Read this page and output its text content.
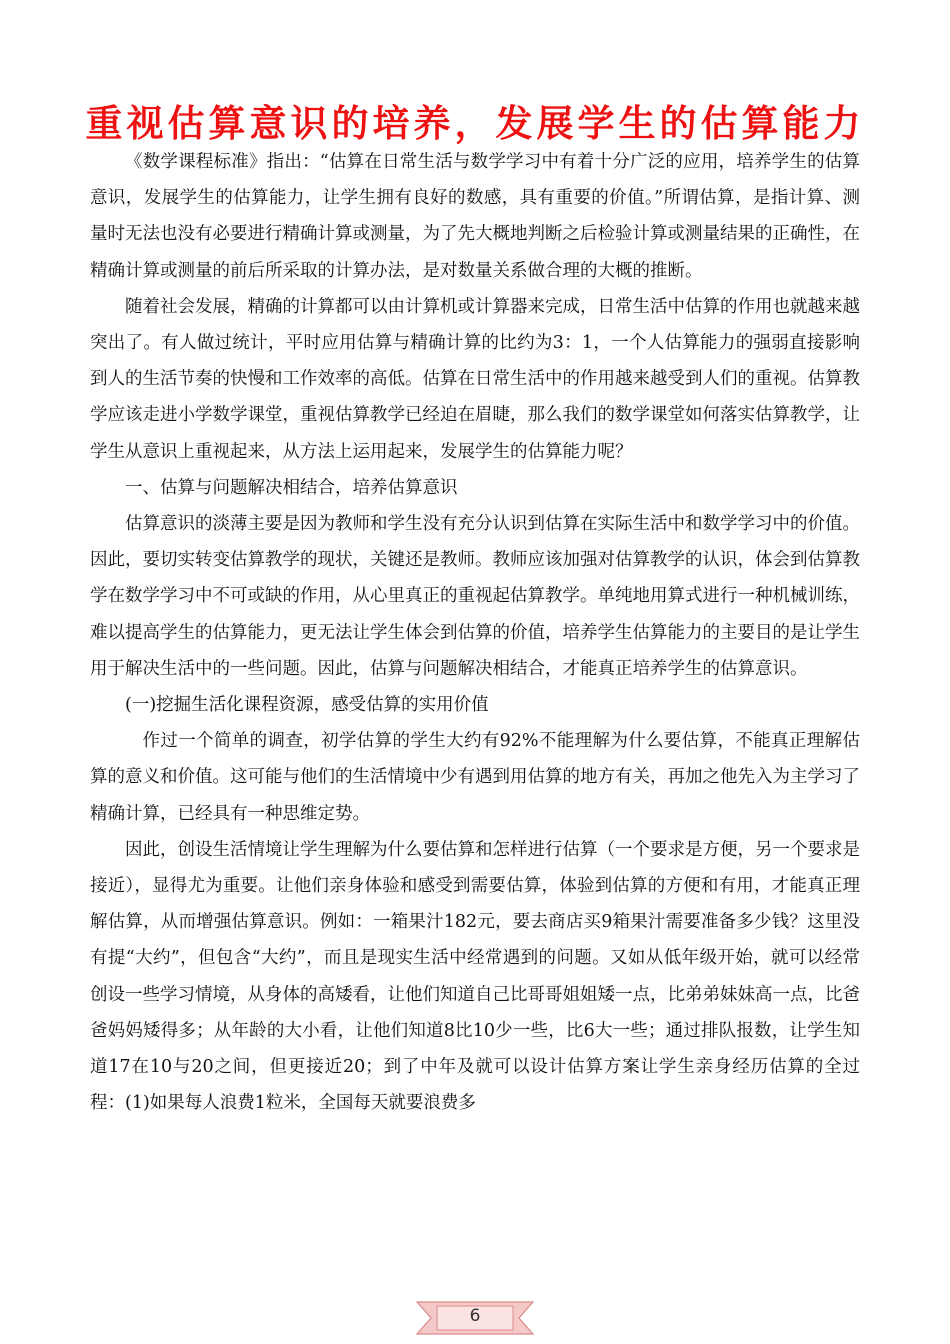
重视估算意识的培养，发展学生的估算能力

《数学课程标准》指出：“估算在日常生活与数学学习中有着十分广泛的应用，培养学生的估算意识，发展学生的估算能力，让学生拥有良好的数感，具有重要的价值。”所谓估算，是指计算、测量时无法也没有必要进行精确计算或测量，为了先大概地判断之后检验计算或测量结果的正确性，在精确计算或测量的前后所采取的计算办法，是对数量关系做合理的大概的推断。

随着社会发展，精确的计算都可以由计算机或计算器来完成，日常生活中估算的作用也就越来越突出了。有人做过统计，平时应用估算与精确计算的比约为3：1，一个人估算能力的强弱直接影响到人的生活节奏的快慢和工作效率的高低。估算在日常生活中的作用越来越受到人们的重视。估算教学应该走进小学数学课堂，重视估算教学已经迫在眉睫，那么我们的数学课堂如何落实估算教学，让学生从意识上重视起来，从方法上运用起来，发展学生的估算能力呢？

一、估算与问题解决相结合，培养估算意识

估算意识的淡薄主要是因为教师和学生没有充分认识到估算在实际生活中和数学学习中的价值。因此，要切实转变估算教学的现状，关键还是教师。教师应该加强对估算教学的认识，体会到估算教学在数学学习中不可或缺的作用，从心里真正的重视起估算教学。单纯地用算式进行一种机械训练，难以提高学生的估算能力，更无法让学生体会到估算的价值，培养学生估算能力的主要目的是让学生用于解决生活中的一些问题。因此，估算与问题解决相结合，才能真正培养学生的估算意识。

(一)挖掘生活化课程资源，感受估算的实用价值

作过一个简单的调查，初学估算的学生大约有92%不能理解为什么要估算，不能真正理解估算的意义和价值。这可能与他们的生活情境中少有遇到用估算的地方有关，再加之他先入为主学习了精确计算，已经具有一种思维定势。

因此，创设生活情境让学生理解为什么要估算和怎样进行估算（一个要求是方便，另一个要求是接近），显得尤为重要。让他们亲身体验和感受到需要估算，体验到估算的方便和有用，才能真正理解估算，从而增强估算意识。例如：一箱果汁182元，要去商店买9箱果汁需要准备多少钱？这里没有提“大约”，但包含“大约”，而且是现实生活中经常遇到的问题。又如从低年级开始，就可以经常创设一些学习情境，从身体的高矮看，让他们知道自己比哥哥姐姐矮一点，比弟弟妹妹高一点，比爸爸妈妈矮得多；从年龄的大小看，让他们知道8比10少一些，比6大一些；通过排队报数，让学生知道17在10与20之间，但更接近20；到了中年及就可以设计估算方案让学生亲身经历估算的全过程：(1)如果每人浪费1粒米，全国每天就要浪费多

6
